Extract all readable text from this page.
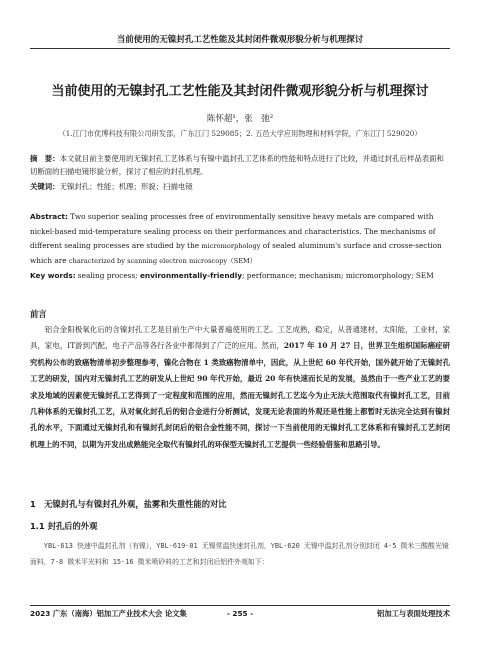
当前使用的无镍封孔工艺性能及其封闭件微观形貌分析与机理探讨
当前使用的无镍封孔工艺性能及其封闭件微观形貌分析与机理探讨
陈怀超¹，张　弛²
（1.江门市优博科技有限公司研发部，广东江门 529085；2. 五邑大学应用物理和材料学院，广东江门 529020）
摘　要：本文就目前主要使用的无镍封孔工艺体系与有镍中温封孔工艺体系的性能和特点进行了比较，并通过封孔后样品表面和切断面的扫描电镜形貌分析，探讨了相应的封孔机理。
关键词：无镍封孔；性能；机理；形貌；扫描电镜
Abstract: Two superior sealing processes free of environmentally sensitive heavy metals are compared with nickel-based mid-temperature sealing process on their performances and characteristics. The mechanisms of different sealing processes are studied by the micromorphology of sealed aluminum's surface and crosse-section which are characterized by scanning electron microscopy（SEM）
Key words: sealing process; environmentally-friendly; performance; mechanism; micromorphology; SEM
前言
铝合金阳极氧化后的含镍封孔工艺是目前生产中大量普遍使用的工艺。工艺成熟，稳定，从普通建材，太阳能，工业材，家具，家电，IT游到汽配，电子产品等各行各业中都得到了广泛的应用。然而，2017 年 10 月 27 日，世界卫生组织国际癌症研究机构公布的致癌物清单初步整理参考，镍化合物在 1 类致癌物清单中，因此，从上世纪 60 年代开始，国外就开始了无镍封孔工艺的研发，国内对无镍封孔工艺的研发从上世纪 90 年代开始，最近 20 年有快速而长足的发展，虽然由于一些产业工艺的要求及地域的因素使无镍封孔工艺得到了一定程度和范围的应用，然而无镍封孔工艺迄今为止无法大范围取代有镍封孔工艺，目前几种体系的无镍封孔工艺，从对氧化封孔后的铝合金进行分析测试，发现无论表面的外观还是性能上都暂时无法完全达到有镍封孔的水平，下面通过无镍封孔和有镍封孔封闭后的铝合金性能不同，探讨一下当前使用的无镍封孔工艺体系和有镍封孔工艺封闭机理上的不同，以期为开发出成熟能完全取代有镍封孔的环保型无镍封孔工艺提供一些经验借鉴和思路引导。
1　无镍封孔与有镍封孔外观，盐雾和失重性能的对比
1.1 封孔后的外观
YBL-613 快速中温封孔剂（有镍），YBL-619-01 无镍常温快速封孔剂，YBL-620 无镍中温封孔剂分别封闭 4-5 微米三酸酸光镜面料，7-8 微米平光料和 15-16 微米喷砂料的工艺和封闭后铝件外观如下：
2023 广东（南海）铝加工产业技术大会 论文集	- 255 -	铝加工与表面处理技术
